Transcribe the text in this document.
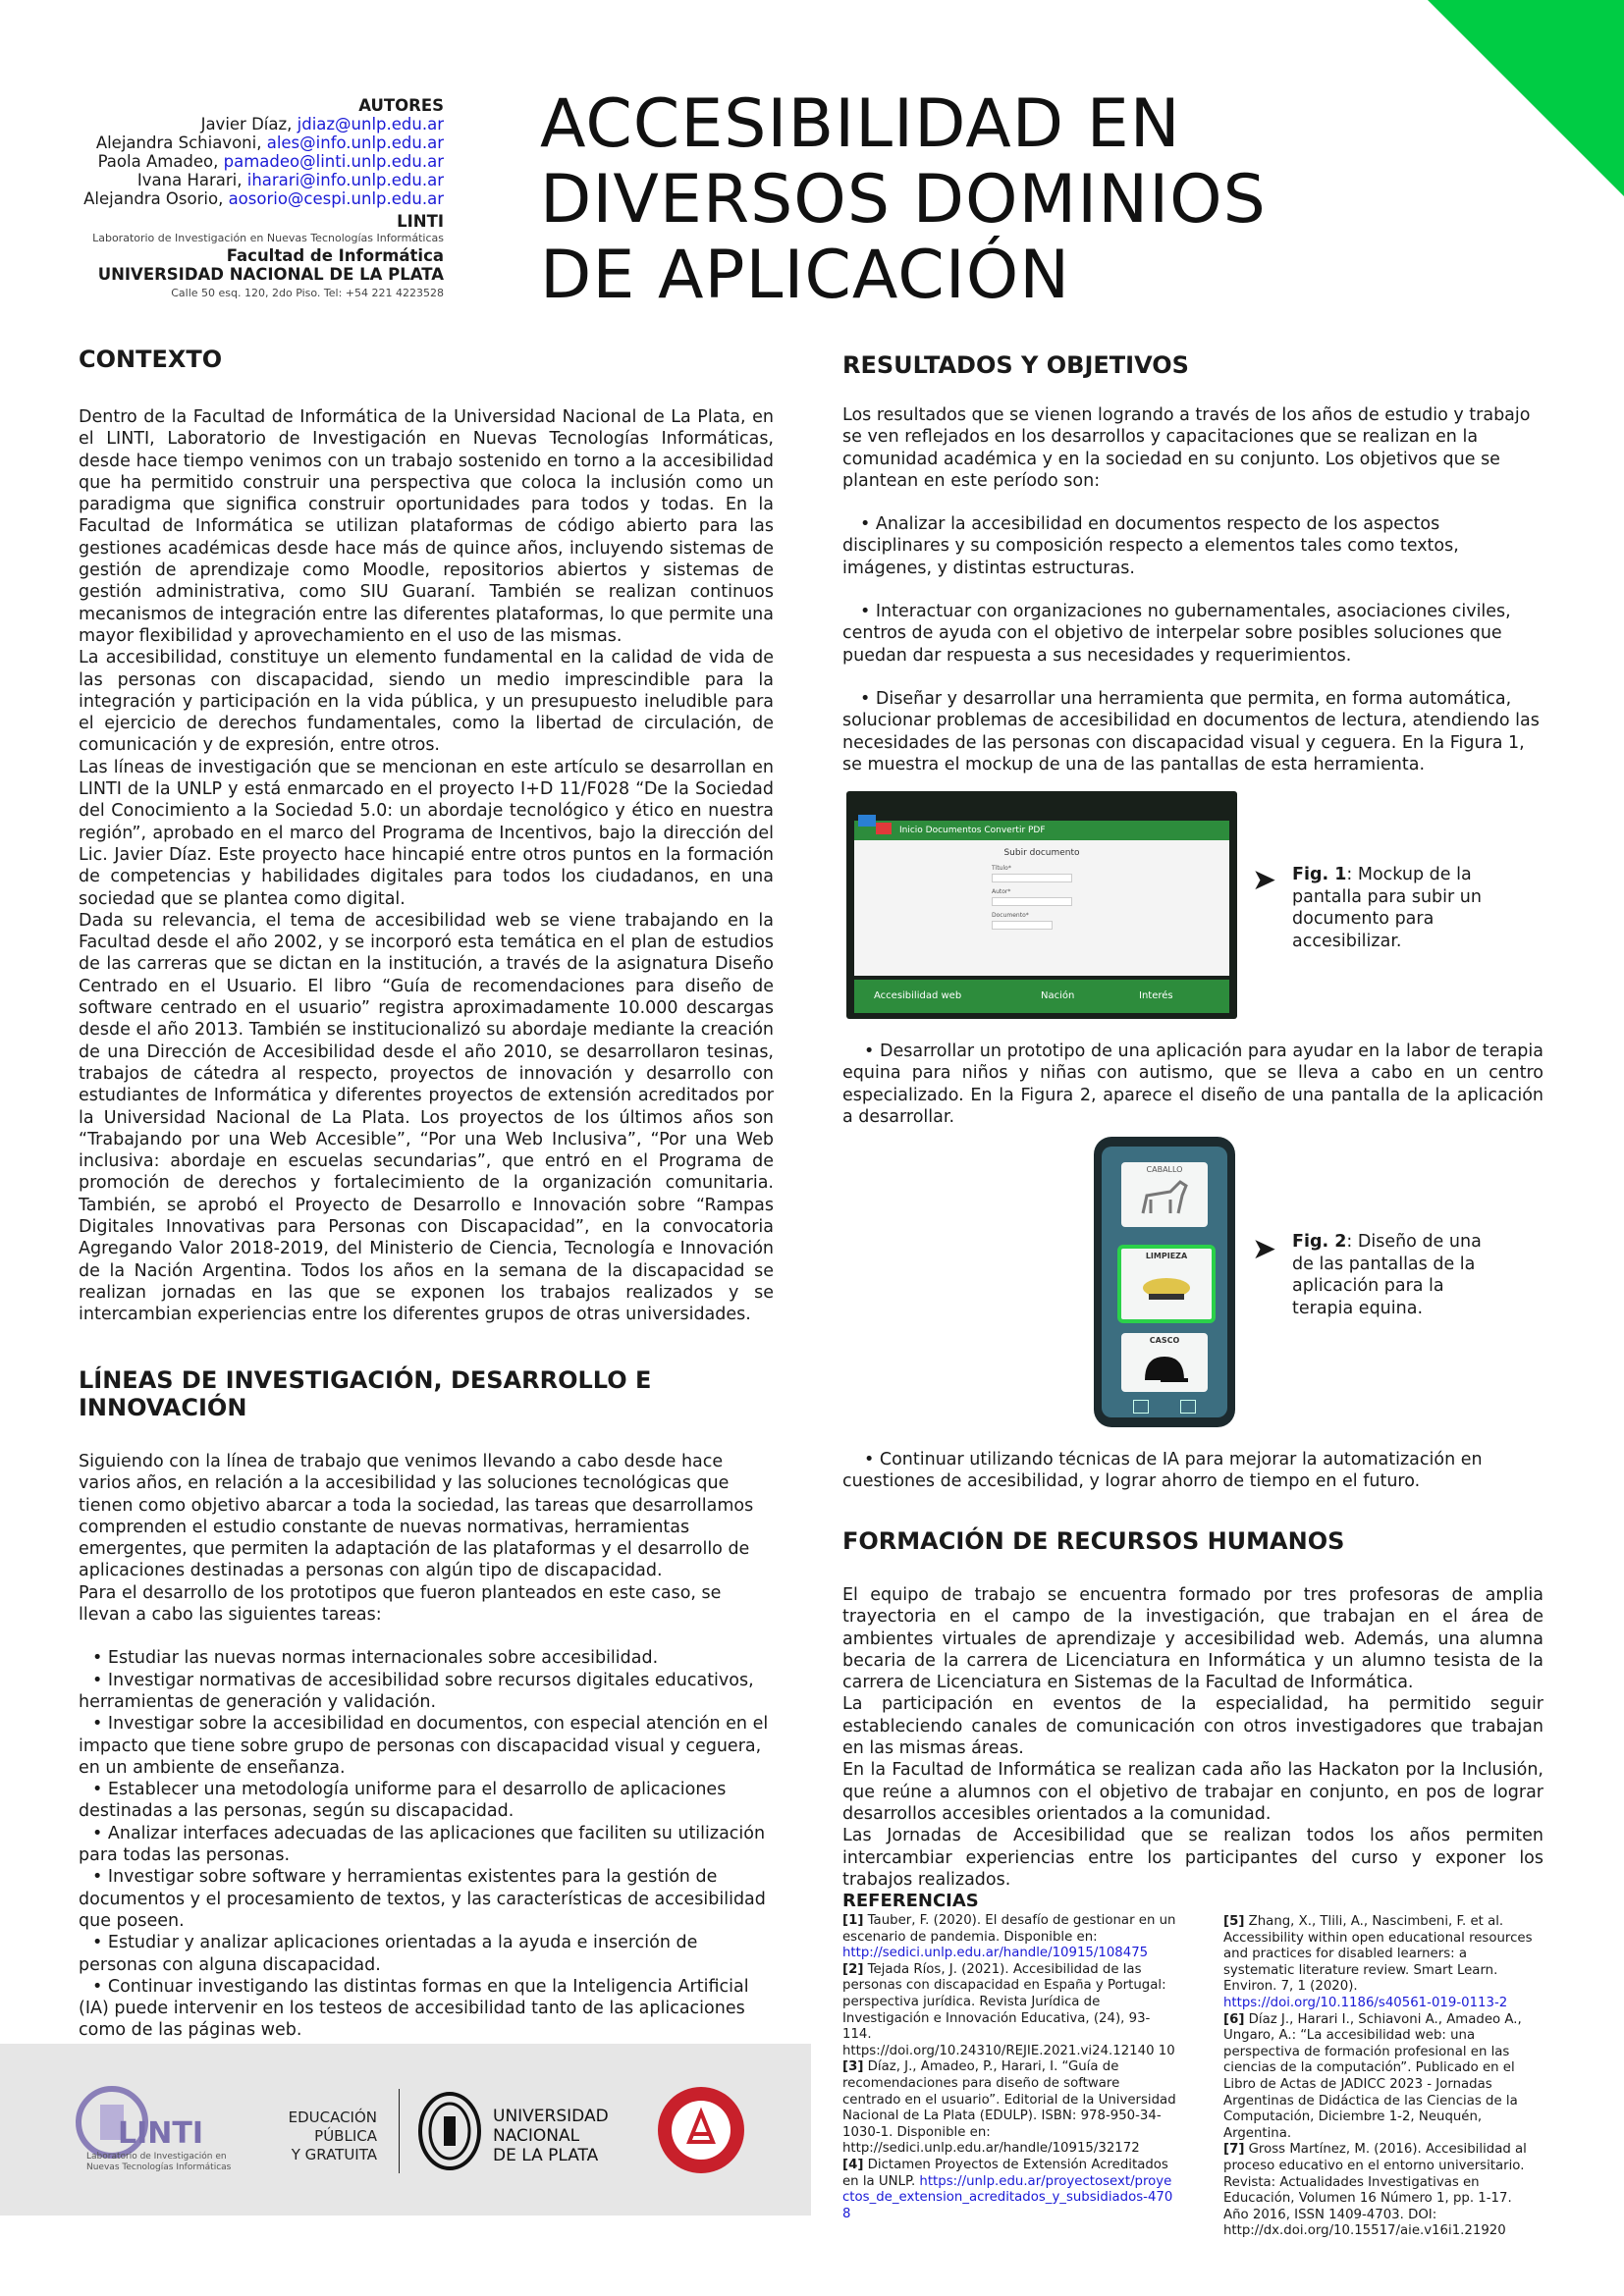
AUTORES
Javier Díaz, jdiaz@unlp.edu.ar
Alejandra Schiavoni, ales@info.unlp.edu.ar
Paola Amadeo, pamadeo@linti.unlp.edu.ar
Ivana Harari, iharari@info.unlp.edu.ar
Alejandra Osorio, aosorio@cespi.unlp.edu.ar
LINTI
Laboratorio de Investigación en Nuevas Tecnologías Informáticas
Facultad de Informática
UNIVERSIDAD NACIONAL DE LA PLATA
Calle 50 esq. 120, 2do Piso. Tel: +54 221 4223528
ACCESIBILIDAD EN
DIVERSOS DOMINIOS
DE APLICACIÓN
CONTEXTO

Dentro de la Facultad de Informática de la Universidad Nacional de La Plata, en el LINTI, Laboratorio de Investigación en Nuevas Tecnologías Informáticas, desde hace tiempo venimos con un trabajo sostenido en torno a la accesibilidad que ha permitido construir una perspectiva que coloca la inclusión como un paradigma que significa construir oportunidades para todos y todas. En la Facultad de Informática se utilizan plataformas de código abierto para las gestiones académicas desde hace más de quince años, incluyendo sistemas de gestión de aprendizaje como Moodle, repositorios abiertos y sistemas de gestión administrativa, como SIU Guaraní. También se realizan continuos mecanismos de integración entre las diferentes plataformas, lo que permite una mayor flexibilidad y aprovechamiento en el uso de las mismas.

La accesibilidad, constituye un elemento fundamental en la calidad de vida de las personas con discapacidad, siendo un medio imprescindible para la integración y participación en la vida pública, y un presupuesto ineludible para el ejercicio de derechos fundamentales, como la libertad de circulación, de comunicación y de expresión, entre otros.

Las líneas de investigación que se mencionan en este artículo se desarrollan en LINTI de la UNLP y está enmarcado en el proyecto I+D 11/F028 “De la Sociedad del Conocimiento a la Sociedad 5.0: un abordaje tecnológico y ético en nuestra región”, aprobado en el marco del Programa de Incentivos, bajo la dirección del Lic. Javier Díaz. Este proyecto hace hincapié entre otros puntos en la formación de competencias y habilidades digitales para todos los ciudadanos, en una sociedad que se plantea como digital.

Dada su relevancia, el tema de accesibilidad web se viene trabajando en la Facultad desde el año 2002, y se incorporó esta temática en el plan de estudios de las carreras que se dictan en la institución, a través de la asignatura Diseño Centrado en el Usuario. El libro “Guía de recomendaciones para diseño de software centrado en el usuario” registra aproximadamente 10.000 descargas desde el año 2013. También se institucionalizó su abordaje mediante la creación de una Dirección de Accesibilidad desde el año 2010, se desarrollaron tesinas, trabajos de cátedra al respecto, proyectos de innovación y desarrollo con estudiantes de Informática y diferentes proyectos de extensión acreditados por la Universidad Nacional de La Plata. Los proyectos de los últimos años son “Trabajando por una Web Accesible”, “Por una Web Inclusiva”, “Por una Web inclusiva: abordaje en escuelas secundarias”, que entró en el Programa de promoción de derechos y fortalecimiento de la organización comunitaria. También, se aprobó el Proyecto de Desarrollo e Innovación sobre “Rampas Digitales Innovativas para Personas con Discapacidad”, en la convocatoria Agregando Valor 2018-2019, del Ministerio de Ciencia, Tecnología e Innovación de la Nación Argentina. Todos los años en la semana de la discapacidad se realizan jornadas en las que se exponen los trabajos realizados y se intercambian experiencias entre los diferentes grupos de otras universidades.

LÍNEAS DE INVESTIGACIÓN, DESARROLLO E INNOVACIÓN

Siguiendo con la línea de trabajo que venimos llevando a cabo desde hace varios años, en relación a la accesibilidad y las soluciones tecnológicas que tienen como objetivo abarcar a toda la sociedad, las tareas que desarrollamos comprenden el estudio constante de nuevas normativas, herramientas emergentes, que permiten la adaptación de las plataformas y el desarrollo de aplicaciones destinadas a personas con algún tipo de discapacidad.

Para el desarrollo de los prototipos que fueron planteados en este caso, se llevan a cabo las siguientes tareas:

• Estudiar las nuevas normas internacionales sobre accesibilidad.

• Investigar normativas de accesibilidad sobre recursos digitales educativos, herramientas de generación y validación.

• Investigar sobre la accesibilidad en documentos, con especial atención en el impacto que tiene sobre grupo de personas con discapacidad visual y ceguera, en un ambiente de enseñanza.

• Establecer una metodología uniforme para el desarrollo de aplicaciones destinadas a las personas, según su discapacidad.

• Analizar interfaces adecuadas de las aplicaciones que faciliten su utilización para todas las personas.

• Investigar sobre software y herramientas existentes para la gestión de documentos y el procesamiento de textos, y las características de accesibilidad que poseen.

• Estudiar y analizar aplicaciones orientadas a la ayuda e inserción de personas con alguna discapacidad.

• Continuar investigando las distintas formas en que la Inteligencia Artificial (IA) puede intervenir en los testeos de accesibilidad tanto de las aplicaciones como de las páginas web.

RESULTADOS Y OBJETIVOS

Los resultados que se vienen logrando a través de los años de estudio y trabajo se ven reflejados en los desarrollos y capacitaciones que se realizan en la comunidad académica y en la sociedad en su conjunto. Los objetivos que se plantean en este período son:

• Analizar la accesibilidad en documentos respecto de los aspectos disciplinares y su composición respecto a elementos tales como textos, imágenes, y distintas estructuras.

• Interactuar con organizaciones no gubernamentales, asociaciones civiles, centros de ayuda con el objetivo de interpelar sobre posibles soluciones que puedan dar respuesta a sus necesidades y requerimientos.

• Diseñar y desarrollar una herramienta que permita, en forma automática, solucionar problemas de accesibilidad en documentos de lectura, atendiendo las necesidades de las personas con discapacidad visual y ceguera. En la Figura 1, se muestra el mockup de una de las pantallas de esta herramienta.

Inicio Documentos Convertir PDF
Subir documento
Título*
Autor*
Documento*
Accesibilidad web	Nación	Interés
➤ Fig. 1: Mockup de la pantalla para subir un documento para accesibilizar.

• Desarrollar un prototipo de una aplicación para ayudar en la labor de terapia equina para niños y niñas con autismo, que se lleva a cabo en un centro especializado. En la Figura 2, aparece el diseño de una pantalla de la aplicación a desarrollar.

CABALLO
LIMPIEZA
CASCO
➤ Fig. 2: Diseño de una de las pantallas de la aplicación para la terapia equina.

• Continuar utilizando técnicas de IA para mejorar la automatización en cuestiones de accesibilidad, y lograr ahorro de tiempo en el futuro.

FORMACIÓN DE RECURSOS HUMANOS

El equipo de trabajo se encuentra formado por tres profesoras de amplia trayectoria en el campo de la investigación, que trabajan en el área de ambientes virtuales de aprendizaje y accesibilidad web. Además, una alumna becaria de la carrera de Licenciatura en Informática y un alumno tesista de la carrera de Licenciatura en Sistemas de la Facultad de Informática.

La participación en eventos de la especialidad, ha permitido seguir estableciendo canales de comunicación con otros investigadores que trabajan en las mismas áreas.

En la Facultad de Informática se realizan cada año las Hackaton por la Inclusión, que reúne a alumnos con el objetivo de trabajar en conjunto, en pos de lograr desarrollos accesibles orientados a la comunidad.

Las Jornadas de Accesibilidad que se realizan todos los años permiten intercambiar experiencias entre los participantes del curso y exponer los trabajos realizados.

REFERENCIAS
[1] Tauber, F. (2020). El desafío de gestionar en un escenario de pandemia. Disponible en: http://sedici.unlp.edu.ar/handle/10915/108475
[2] Tejada Ríos, J. (2021). Accesibilidad de las personas con discapacidad en España y Portugal: perspectiva jurídica. Revista Jurídica de Investigación e Innovación Educativa, (24), 93-114. https://doi.org/10.24310/REJIE.2021.vi24.12140 10
[3] Díaz, J., Amadeo, P., Harari, I. “Guía de recomendaciones para diseño de software centrado en el usuario”. Editorial de la Universidad Nacional de La Plata (EDULP). ISBN: 978-950-34-1030-1. Disponible en: http://sedici.unlp.edu.ar/handle/10915/32172
[4] Dictamen Proyectos de Extensión Acreditados en la UNLP. https://unlp.edu.ar/proyectosext/proyectos_de_extension_acreditados_y_subsidiados-4708
[5] Zhang, X., Tlili, A., Nascimbeni, F. et al. Accessibility within open educational resources and practices for disabled learners: a systematic literature review. Smart Learn. Environ. 7, 1 (2020). https://doi.org/10.1186/s40561-019-0113-2
[6] Díaz J., Harari I., Schiavoni A., Amadeo A., Ungaro, A.: “La accesibilidad web: una perspectiva de formación profesional en las ciencias de la computación”. Publicado en el Libro de Actas de JADICC 2023 - Jornadas Argentinas de Didáctica de las Ciencias de la Computación, Diciembre 1-2, Neuquén, Argentina.
[7] Gross Martínez, M. (2016). Accesibilidad al proceso educativo en el entorno universitario. Revista: Actualidades Investigativas en Educación, Volumen 16 Número 1, pp. 1-17. Año 2016, ISSN 1409-4703. DOI: http://dx.doi.org/10.15517/aie.v16i1.21920
LINTI
Laboratorio de Investigación en Nuevas Tecnologías Informáticas
EDUCACIÓN
PÚBLICA
Y GRATUITA
UNIVERSIDAD
NACIONAL
DE LA PLATA
